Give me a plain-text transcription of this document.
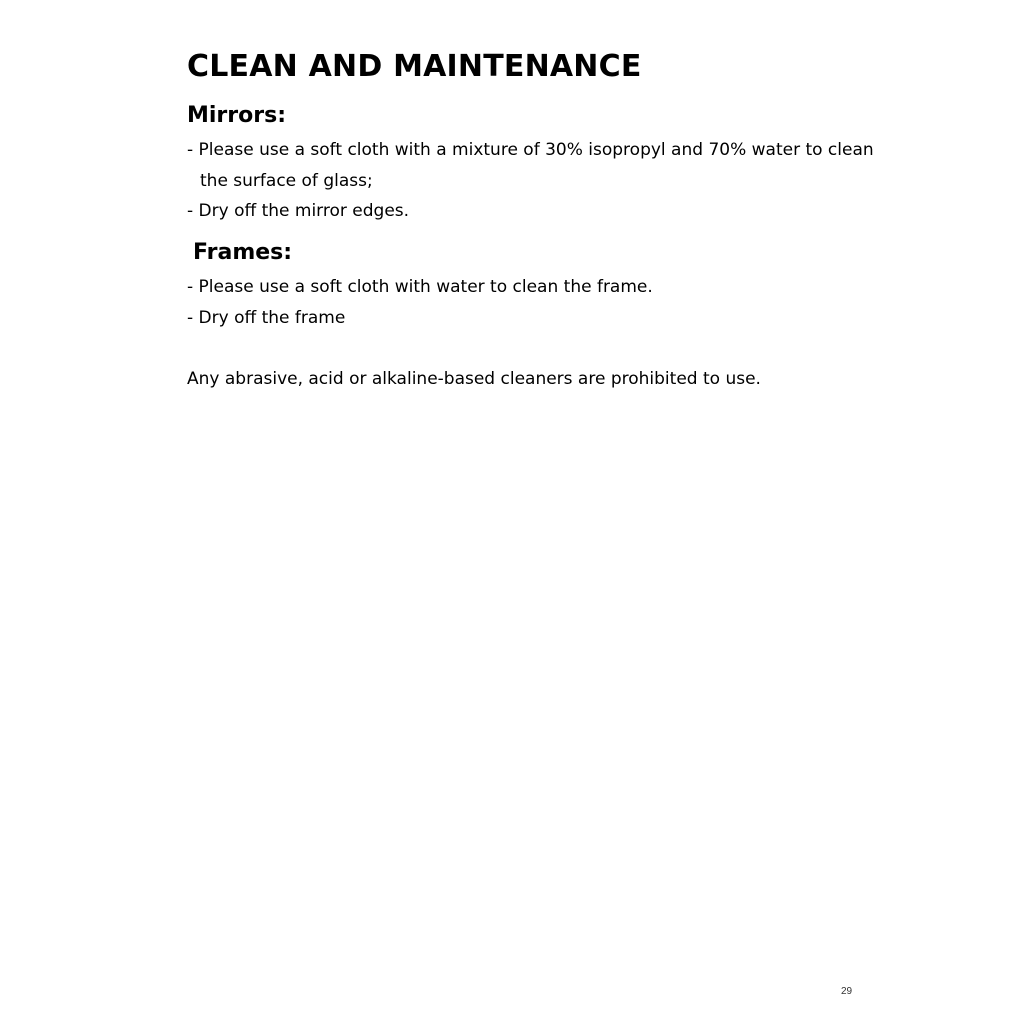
CLEAN AND MAINTENANCE
Mirrors:

- Please use a soft cloth with a mixture of 30% isopropyl and 70% water to clean

the surface of glass;

- Dry off the mirror edges.

Frames:

- Please use a soft cloth with water to clean the frame.

- Dry off the frame

Any abrasive, acid or alkaline-based cleaners are prohibited to use.

29
